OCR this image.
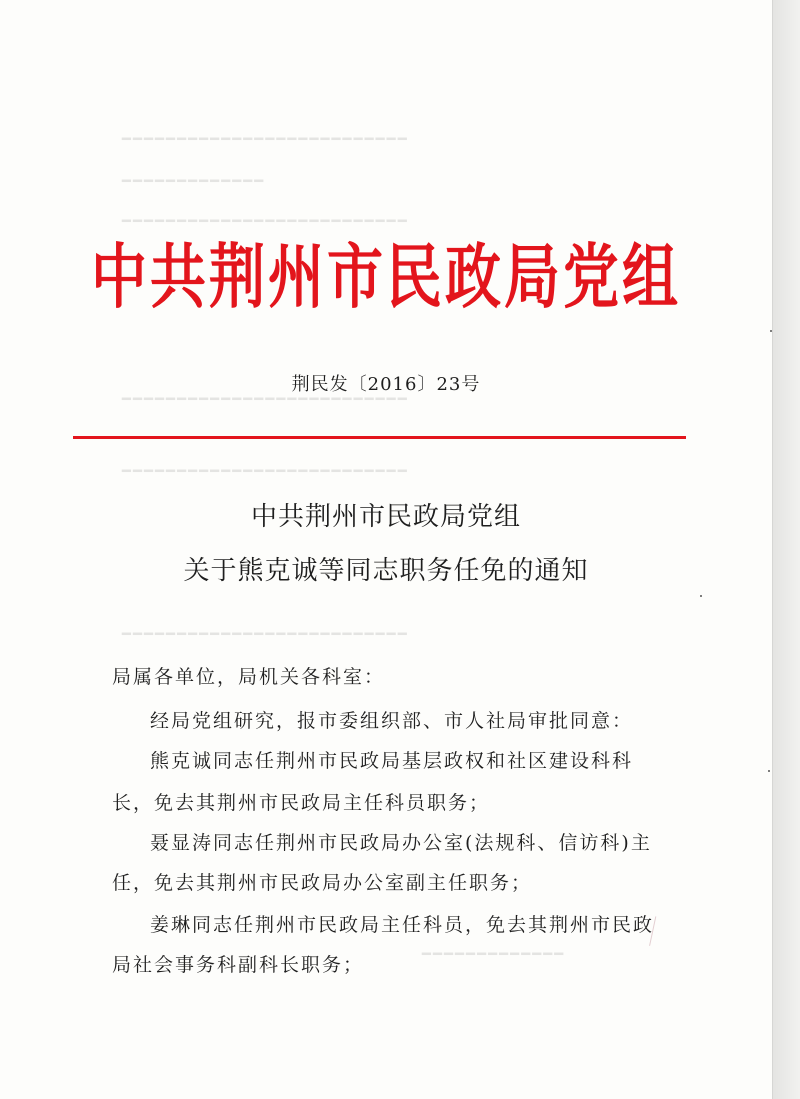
━━━━━━━━━━━━━━━━━━━━━━━━━━
━━━━━━━━━━━━━
━━━━━━━━━━━━━━━━━━━━━━━━━━
━━━━━━━━━━━━━━━━━━━━━━━━━━
━━━━━━━━━━━━━━━━━━━━━━━━━━
━━━━━━━━━━━━━━━━━━━━━━━━━━
━━━━━━━━━━━━━
中共荆州市民政局党组
荆民发〔2016〕23号
中共荆州市民政局党组
关于熊克诚等同志职务任免的通知
局属各单位，局机关各科室：
经局党组研究，报市委组织部、市人社局审批同意：
熊克诚同志任荆州市民政局基层政权和社区建设科科
长，免去其荆州市民政局主任科员职务；
聂显涛同志任荆州市民政局办公室(法规科、信访科)主
任，免去其荆州市民政局办公室副主任职务；
姜琳同志任荆州市民政局主任科员，免去其荆州市民政
局社会事务科副科长职务；
